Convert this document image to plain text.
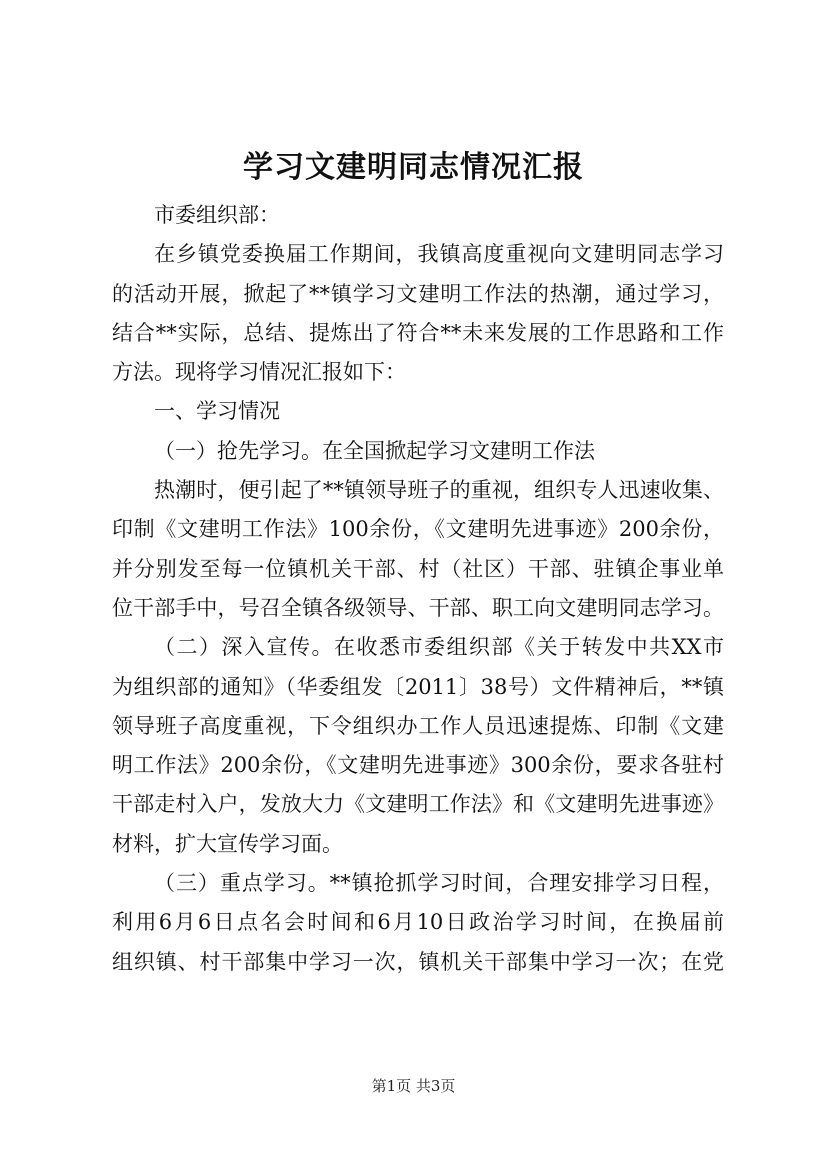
学习文建明同志情况汇报
市委组织部：
在乡镇党委换届工作期间，我镇高度重视向文建明同志学习
的活动开展，掀起了**镇学习文建明工作法的热潮，通过学习，
结合**实际，总结、提炼出了符合**未来发展的工作思路和工作
方法。现将学习情况汇报如下：
一、学习情况
（一）抢先学习。在全国掀起学习文建明工作法
热潮时，便引起了**镇领导班子的重视，组织专人迅速收集、
印制《文建明工作法》100余份，《文建明先进事迹》200余份，
并分别发至每一位镇机关干部、村（社区）干部、驻镇企事业单
位干部手中，号召全镇各级领导、干部、职工向文建明同志学习。
（二）深入宣传。在收悉市委组织部《关于转发中共XX市
为组织部的通知》（华委组发〔2011〕38号）文件精神后，**镇
领导班子高度重视，下令组织办工作人员迅速提炼、印制《文建
明工作法》200余份，《文建明先进事迹》300余份，要求各驻村
干部走村入户，发放大力《文建明工作法》和《文建明先进事迹》
材料，扩大宣传学习面。
（三）重点学习。**镇抢抓学习时间，合理安排学习日程，
利用6月6日点名会时间和6月10日政治学习时间，在换届前
组织镇、村干部集中学习一次，镇机关干部集中学习一次；在党
第1页 共3页
